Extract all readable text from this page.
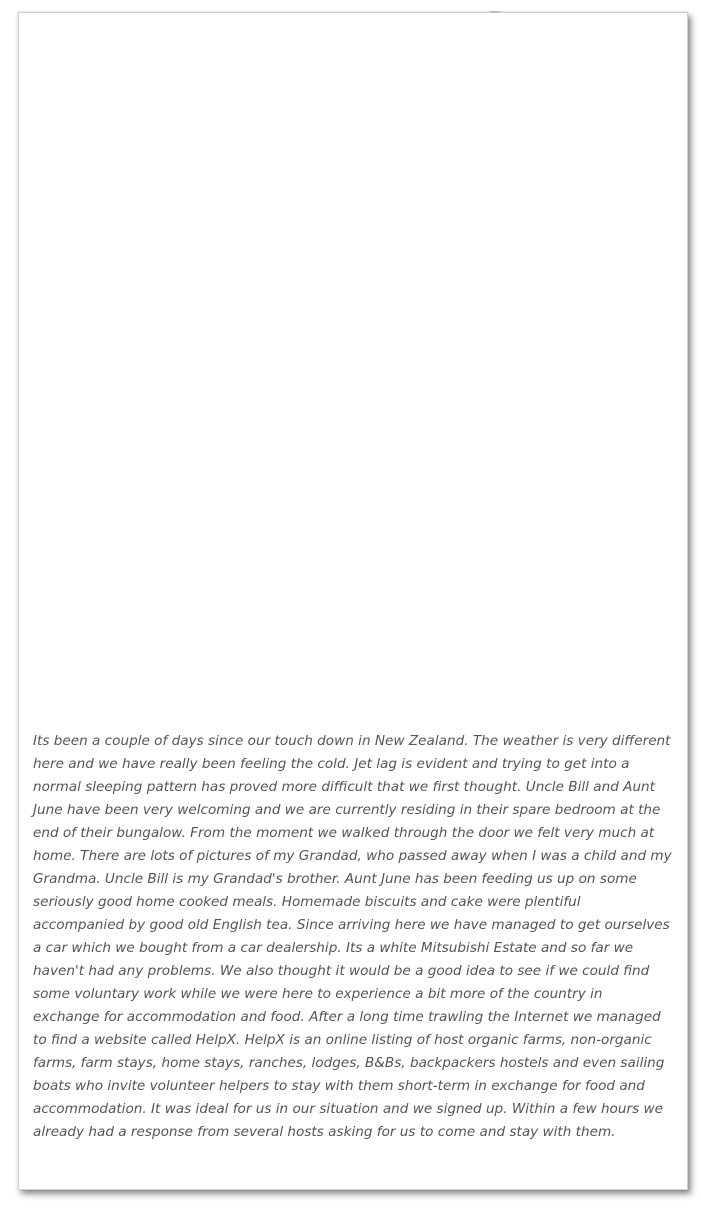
Its been a couple of days since our touch down in New Zealand. The weather is very different here and we have really been feeling the cold. Jet lag is evident and trying to get into a normal sleeping pattern has proved more difficult that we first thought. Uncle Bill and Aunt June have been very welcoming and we are currently residing in their spare bedroom at the end of their bungalow. From the moment we walked through the door we felt very much at home. There are lots of pictures of my Grandad, who passed away when I was a child and my Grandma. Uncle Bill is my Grandad's brother. Aunt June has been feeding us up on some seriously good home cooked meals. Homemade biscuits and cake were plentiful accompanied by good old English tea. Since arriving here we have managed to get ourselves a car which we bought from a car dealership. Its a white Mitsubishi Estate and so far we haven't had any problems. We also thought it would be a good idea to see if we could find some voluntary work while we were here to experience a bit more of the country in exchange for accommodation and food. After a long time trawling the Internet we managed to find a website called HelpX. HelpX is an online listing of host organic farms, non-organic farms, farm stays, home stays, ranches, lodges, B&Bs, backpackers hostels and even sailing boats who invite volunteer helpers to stay with them short-term in exchange for food and accommodation. It was ideal for us in our situation and we signed up. Within a few hours we already had a response from several hosts asking for us to come and stay with them.
